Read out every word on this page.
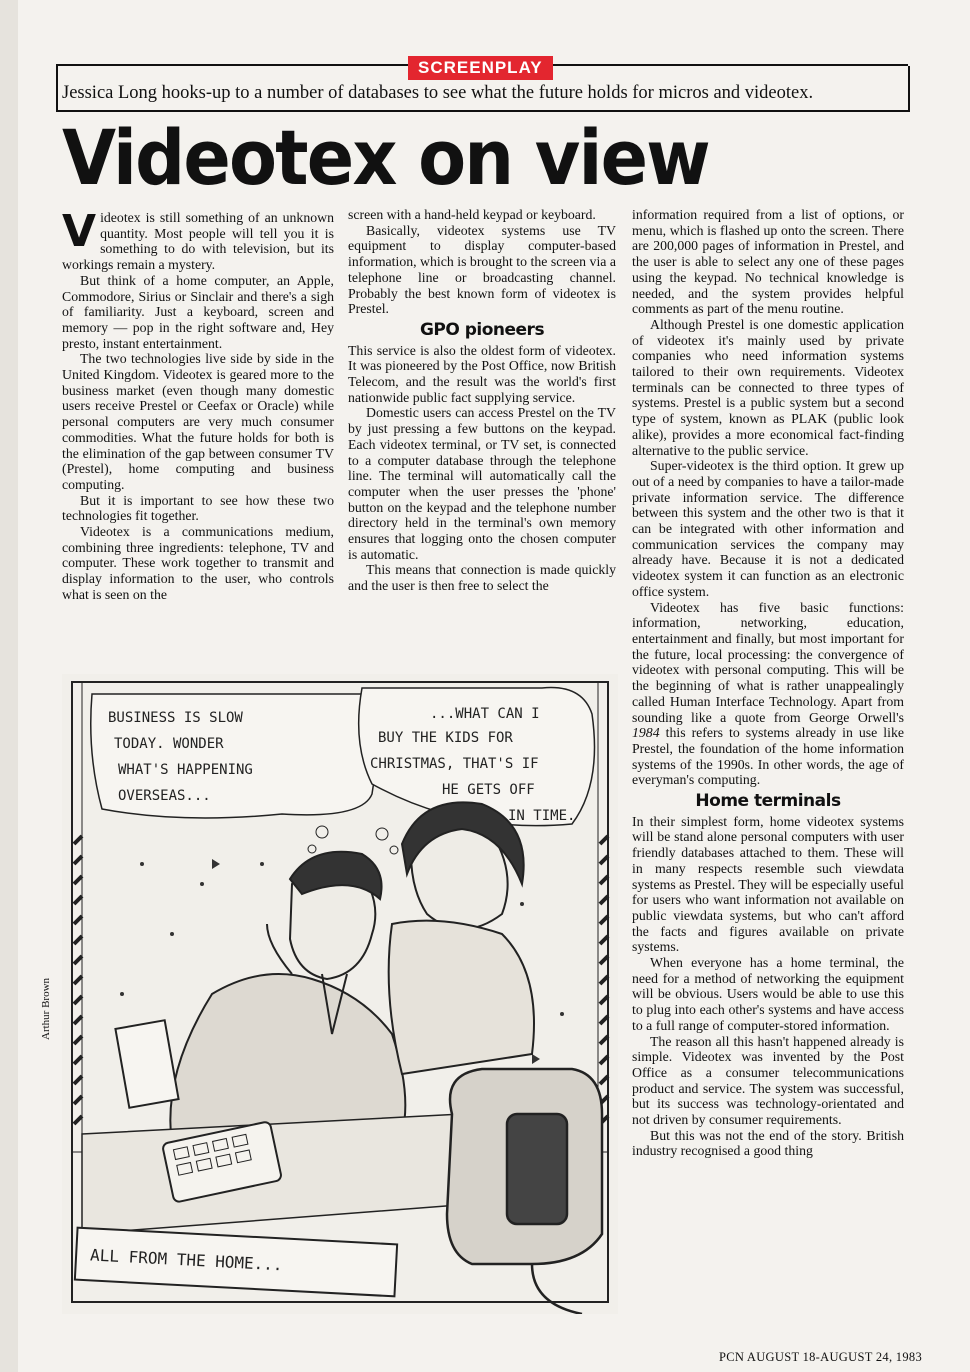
SCREENPLAY
Jessica Long hooks-up to a number of databases to see what the future holds for micros and videotex.
Videotex on view

Videotex is still something of an unknown quantity. Most people will tell you it is something to do with television, but its workings remain a mystery.

But think of a home computer, an Apple, Commodore, Sirius or Sinclair and there's a sigh of familiarity. Just a keyboard, screen and memory — pop in the right software and, Hey presto, instant entertainment.

The two technologies live side by side in the United Kingdom. Videotex is geared more to the business market (even though many domestic users receive Prestel or Ceefax or Oracle) while personal computers are very much consumer commodities. What the future holds for both is the elimination of the gap between consumer TV (Prestel), home computing and business computing.

But it is important to see how these two technologies fit together.

Videotex is a communications medium, combining three ingredients: telephone, TV and computer. These work together to transmit and display information to the user, who controls what is seen on the

screen with a hand-held keypad or keyboard.

Basically, videotex systems use TV equipment to display computer-based information, which is brought to the screen via a telephone line or broadcasting channel. Probably the best known form of videotex is Prestel.

GPO pioneers

This service is also the oldest form of videotex. It was pioneered by the Post Office, now British Telecom, and the result was the world's first nationwide public fact supplying service.

Domestic users can access Prestel on the TV by just pressing a few buttons on the keypad. Each videotex terminal, or TV set, is connected to a computer database through the telephone line. The terminal will automatically call the computer when the user presses the 'phone' button on the keypad and the telephone number directory held in the terminal's own memory ensures that logging onto the chosen computer is automatic.

This means that connection is made quickly and the user is then free to select the

information required from a list of options, or menu, which is flashed up onto the screen. There are 200,000 pages of information in Prestel, and the user is able to select any one of these pages using the keypad. No technical knowledge is needed, and the system provides helpful comments as part of the menu routine.

Although Prestel is one domestic application of videotex it's mainly used by private companies who need information systems tailored to their own requirements. Videotex terminals can be connected to three types of systems. Prestel is a public system but a second type of system, known as PLAK (public look alike), provides a more economical fact-finding alternative to the public service.

Super-videotex is the third option. It grew up out of a need by companies to have a tailor-made private information service. The difference between this system and the other two is that it can be integrated with other information and communication services the company may already have. Because it is not a dedicated videotex system it can function as an electronic office system.

Videotex has five basic functions: information, networking, education, entertainment and finally, but most important for the future, local processing: the convergence of videotex with personal computing. This will be the beginning of what is rather unappealingly called Human Interface Technology. Apart from sounding like a quote from George Orwell's 1984 this refers to systems already in use like Prestel, the foundation of the home information systems of the 1990s. In other words, the age of everyman's computing.

Home terminals

In their simplest form, home videotex systems will be stand alone personal computers with user friendly databases attached to them. These will in many respects resemble such viewdata systems as Prestel. They will be especially useful for users who want information not available on public viewdata systems, but who can't afford the facts and figures available on private systems.

When everyone has a home terminal, the need for a method of networking the equipment will be obvious. Users would be able to use this to plug into each other's systems and have access to a full range of computer-stored information.

The reason all this hasn't happened already is simple. Videotex was invented by the Post Office as a consumer telecommunications product and service. The system was successful, but its success was technology-orientated and not driven by consumer requirements.

But this was not the end of the story. British industry recognised a good thing

BUSINESS IS SLOW
TODAY. WONDER
WHAT'S HAPPENING
OVERSEAS...
...WHAT CAN I
BUY THE KIDS FOR
CHRISTMAS, THAT'S IF
HE GETS OFF
IN TIME.
ALL FROM THE HOME...
Arthur Brown
PCN AUGUST 18-AUGUST 24, 1983
